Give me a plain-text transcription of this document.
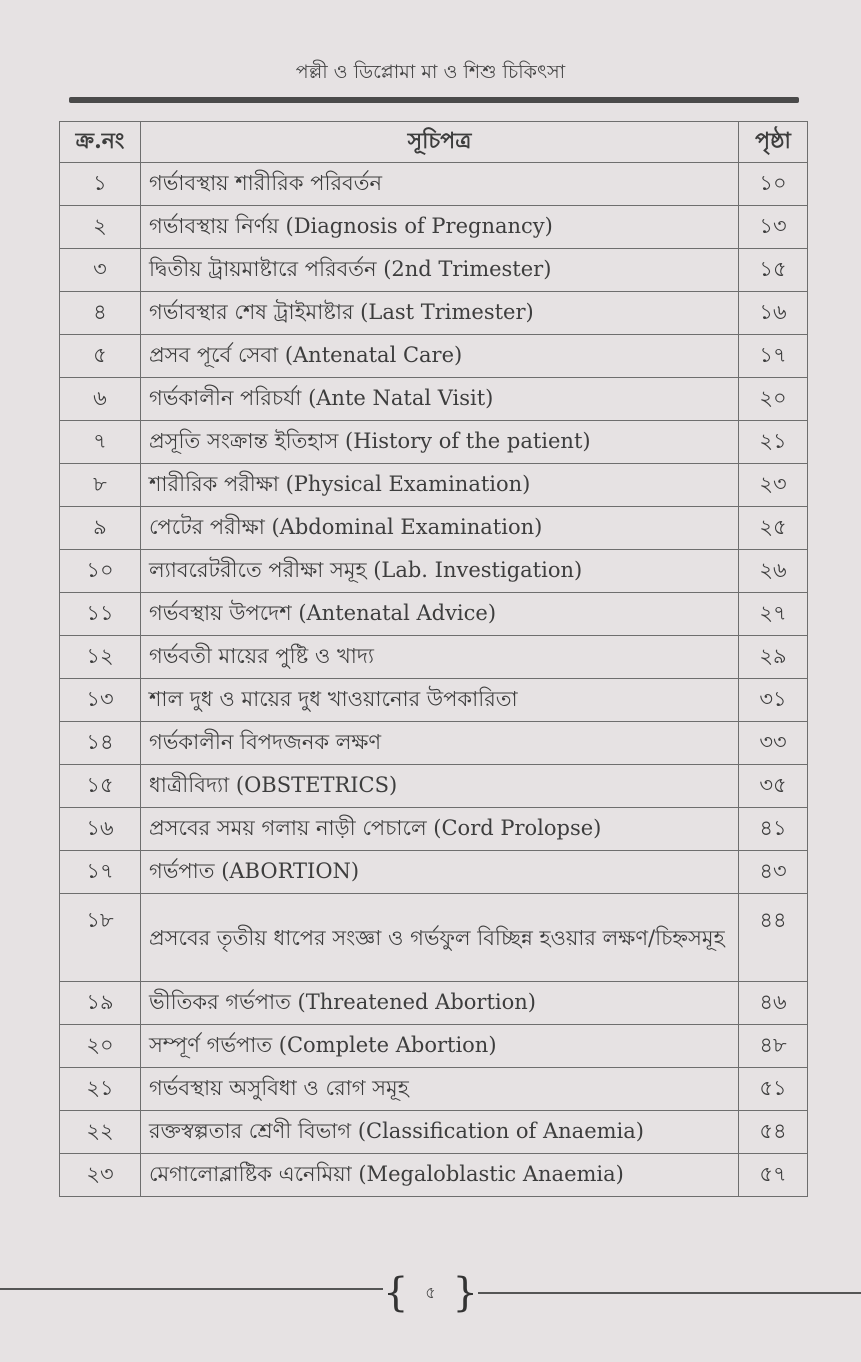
পল্লী ও ডিপ্লোমা মা ও শিশু চিকিৎসা
ক্র.নং	সূচিপত্র	পৃষ্ঠা
১	গর্ভাবস্থায় শারীরিক পরিবর্তন	১০
২	গর্ভাবস্থায় নির্ণয় (Diagnosis of Pregnancy)	১৩
৩	দ্বিতীয় ট্রায়মাষ্টারে পরিবর্তন (2nd Trimester)	১৫
৪	গর্ভাবস্থার শেষ ট্রাইমাষ্টার (Last Trimester)	১৬
৫	প্রসব পূর্বে সেবা (Antenatal Care)	১৭
৬	গর্ভকালীন পরিচর্যা (Ante Natal Visit)	২০
৭	প্রসূতি সংক্রান্ত ইতিহাস (History of the patient)	২১
৮	শারীরিক পরীক্ষা (Physical Examination)	২৩
৯	পেটের পরীক্ষা (Abdominal Examination)	২৫
১০	ল্যাবরেটরীতে পরীক্ষা সমূহ (Lab. Investigation)	২৬
১১	গর্ভবস্থায় উপদেশ (Antenatal Advice)	২৭
১২	গর্ভবতী মায়ের পুষ্টি ও খাদ্য	২৯
১৩	শাল দুধ ও মায়ের দুধ খাওয়ানোর উপকারিতা	৩১
১৪	গর্ভকালীন বিপদজনক লক্ষণ	৩৩
১৫	ধাত্রীবিদ্যা (OBSTETRICS)	৩৫
১৬	প্রসবের সময় গলায় নাড়ী পেচালে (Cord Prolopse)	৪১
১৭	গর্ভপাত (ABORTION)	৪৩
১৮	প্রসবের তৃতীয় ধাপের সংজ্ঞা ও গর্ভফুল বিচ্ছিন্ন হওয়ার লক্ষণ/চিহ্নসমূহ	৪৪
১৯	ভীতিকর গর্ভপাত (Threatened Abortion)	৪৬
২০	সম্পূর্ণ গর্ভপাত (Complete Abortion)	৪৮
২১	গর্ভবস্থায় অসুবিধা ও রোগ সমূহ	৫১
২২	রক্তস্বল্পতার শ্রেণী বিভাগ (Classification of Anaemia)	৫৪
২৩	মেগালোব্লাষ্টিক এনেমিয়া (Megaloblastic Anaemia)	৫৭
{ ৫ }
